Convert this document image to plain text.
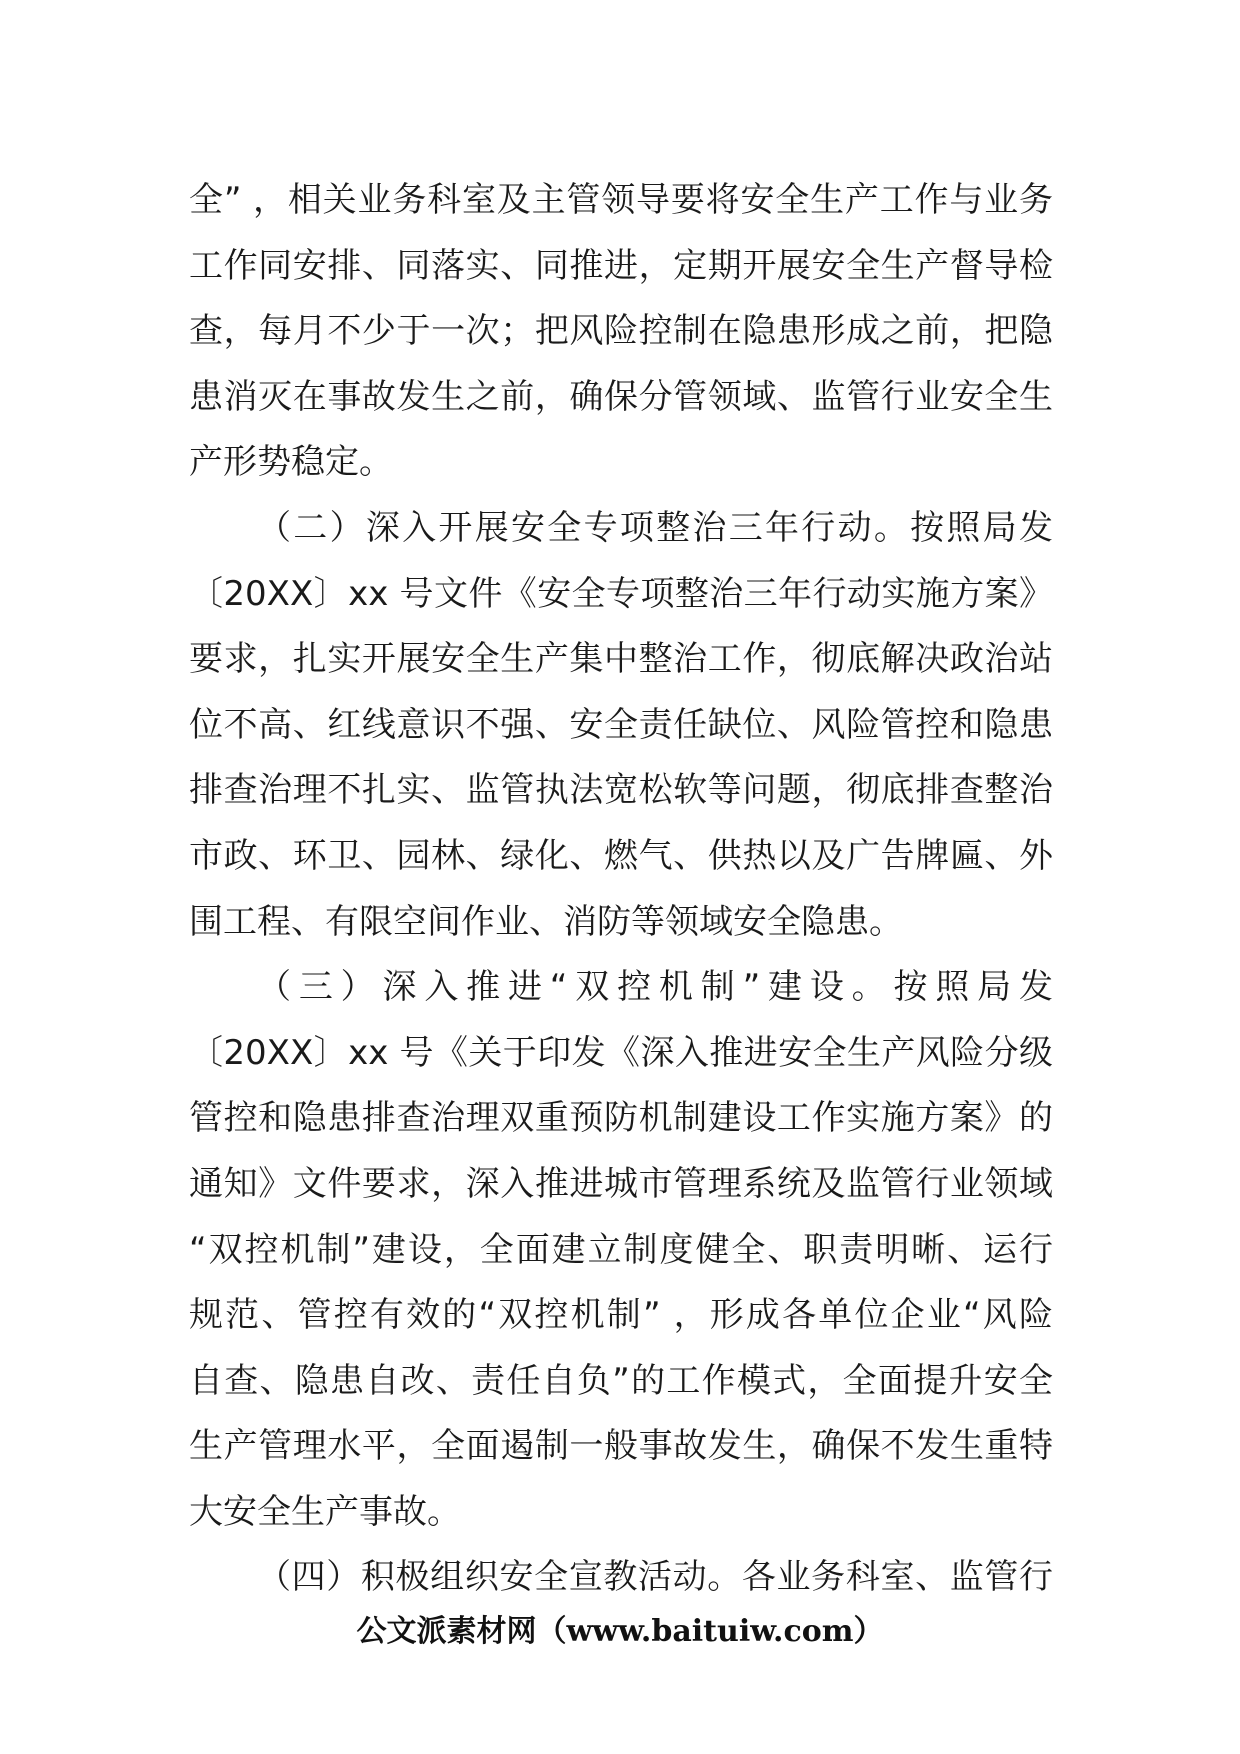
全” ，相关业务科室及主管领导要将安全生产工作与业务
工作同安排、同落实、同推进，定期开展安全生产督导检
查，每月不少于一次；把风险控制在隐患形成之前，把隐
患消灭在事故发生之前，确保分管领域、监管行业安全生
产形势稳定。
（二）深入开展安全专项整治三年行动。按照局发
〔20XX〕xx 号文件《安全专项整治三年行动实施方案》
要求，扎实开展安全生产集中整治工作，彻底解决政治站
位不高、红线意识不强、安全责任缺位、风险管控和隐患
排查治理不扎实、监管执法宽松软等问题，彻底排查整治
市政、环卫、园林、绿化、燃气、供热以及广告牌匾、外
围工程、有限空间作业、消防等领域安全隐患。
（三）深入推进“双控机制”建设。按照局发
〔20XX〕xx 号《关于印发《深入推进安全生产风险分级
管控和隐患排查治理双重预防机制建设工作实施方案》的
通知》文件要求，深入推进城市管理系统及监管行业领域
“双控机制”建设，全面建立制度健全、职责明晰、运行
规范、管控有效的“双控机制” ，形成各单位企业“风险
自查、隐患自改、责任自负”的工作模式，全面提升安全
生产管理水平，全面遏制一般事故发生，确保不发生重特
大安全生产事故。
（四）积极组织安全宣教活动。各业务科室、监管行
公文派素材网（www.baituiw.com）
